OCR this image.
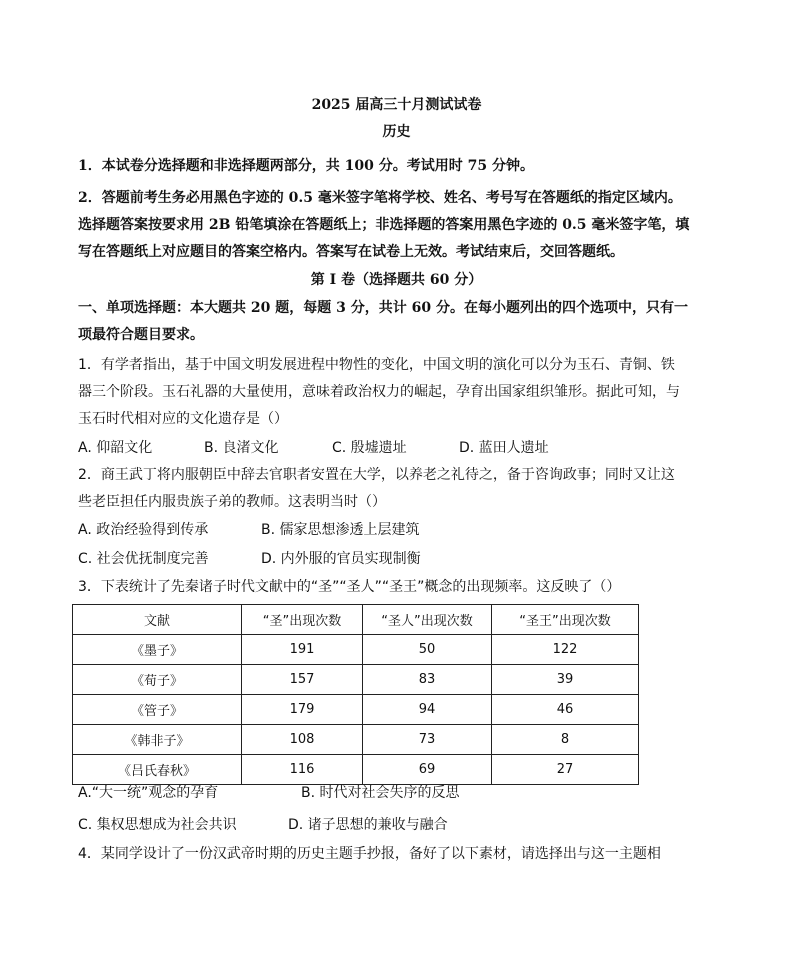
2025 届高三十月测试试卷
历史
1．本试卷分选择题和非选择题两部分，共 100 分。考试用时 75 分钟。
2．答题前考生务必用黑色字迹的 0.5 毫米签字笔将学校、姓名、考号写在答题纸的指定区域内。
选择题答案按要求用 2B 铅笔填涂在答题纸上；非选择题的答案用黑色字迹的 0.5 毫米签字笔，填
写在答题纸上对应题目的答案空格内。答案写在试卷上无效。考试结束后，交回答题纸。
第 I 卷（选择题共 60 分）
一、单项选择题：本大题共 20 题，每题 3 分，共计 60 分。在每小题列出的四个选项中，只有一
项最符合题目要求。
1．有学者指出，基于中国文明发展进程中物性的变化，中国文明的演化可以分为玉石、青铜、铁
器三个阶段。玉石礼器的大量使用，意味着政治权力的崛起，孕育出国家组织雏形。据此可知，与
玉石时代相对应的文化遗存是（）
A. 仰韶文化	B. 良渚文化	C. 殷墟遗址	D. 蓝田人遗址
2．商王武丁将内服朝臣中辞去官职者安置在大学，以养老之礼待之，备于咨询政事；同时又让这
些老臣担任内服贵族子弟的教师。这表明当时（）
A. 政治经验得到传承	B. 儒家思想渗透上层建筑
C. 社会优抚制度完善	D. 内外服的官员实现制衡
3．下表统计了先秦诸子时代文献中的“圣”“圣人”“圣王”概念的出现频率。这反映了（）
文献	“圣”出现次数	“圣人”出现次数	“圣王”出现次数
《墨子》	191	50	122
《荀子》	157	83	39
《管子》	179	94	46
《韩非子》	108	73	8
《吕氏春秋》	116	69	27
A.“大一统”观念的孕育	B. 时代对社会失序的反思
C. 集权思想成为社会共识	D. 诸子思想的兼收与融合
4．某同学设计了一份汉武帝时期的历史主题手抄报，备好了以下素材，请选择出与这一主题相
